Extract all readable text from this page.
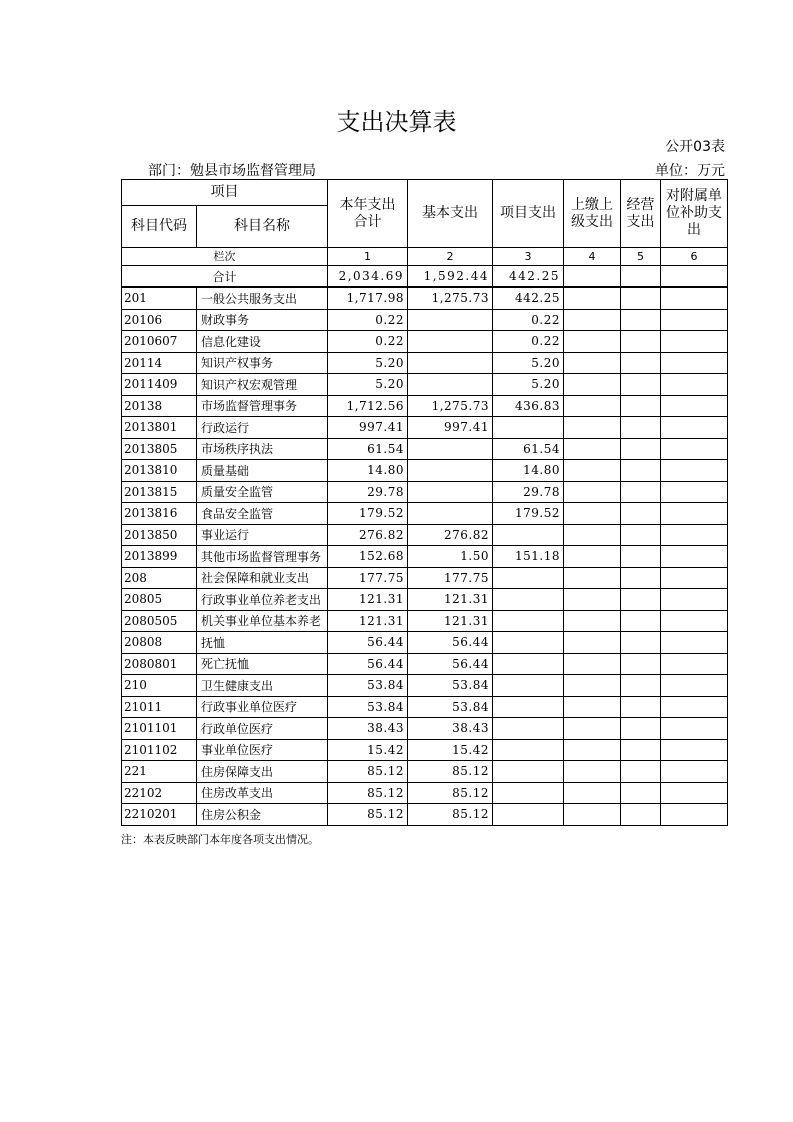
支出决算表
公开03表
部门：勉县市场监督管理局	单位：万元
项目		本年支出合计	基本支出	项目支出	上缴上级支出	经营支出	对附属单位补助支出
科目代码	科目名称						
栏次		1	2	3	4	5	6
合计		2,034.69	1,592.44	442.25			
201	一般公共服务支出	1,717.98	1,275.73	442.25			
20106	财政事务	0.22		0.22			
2010607	信息化建设	0.22		0.22			
20114	知识产权事务	5.20		5.20			
2011409	知识产权宏观管理	5.20		5.20			
20138	市场监督管理事务	1,712.56	1,275.73	436.83			
2013801	行政运行	997.41	997.41				
2013805	市场秩序执法	61.54		61.54			
2013810	质量基础	14.80		14.80			
2013815	质量安全监管	29.78		29.78			
2013816	食品安全监管	179.52		179.52			
2013850	事业运行	276.82	276.82				
2013899	其他市场监督管理事务	152.68	1.50	151.18			
208	社会保障和就业支出	177.75	177.75				
20805	行政事业单位养老支出	121.31	121.31				
2080505	机关事业单位基本养老	121.31	121.31				
20808	抚恤	56.44	56.44				
2080801	死亡抚恤	56.44	56.44				
210	卫生健康支出	53.84	53.84				
21011	行政事业单位医疗	53.84	53.84				
2101101	行政单位医疗	38.43	38.43				
2101102	事业单位医疗	15.42	15.42				
221	住房保障支出	85.12	85.12				
22102	住房改革支出	85.12	85.12				
2210201	住房公积金	85.12	85.12				
注：本表反映部门本年度各项支出情况。
